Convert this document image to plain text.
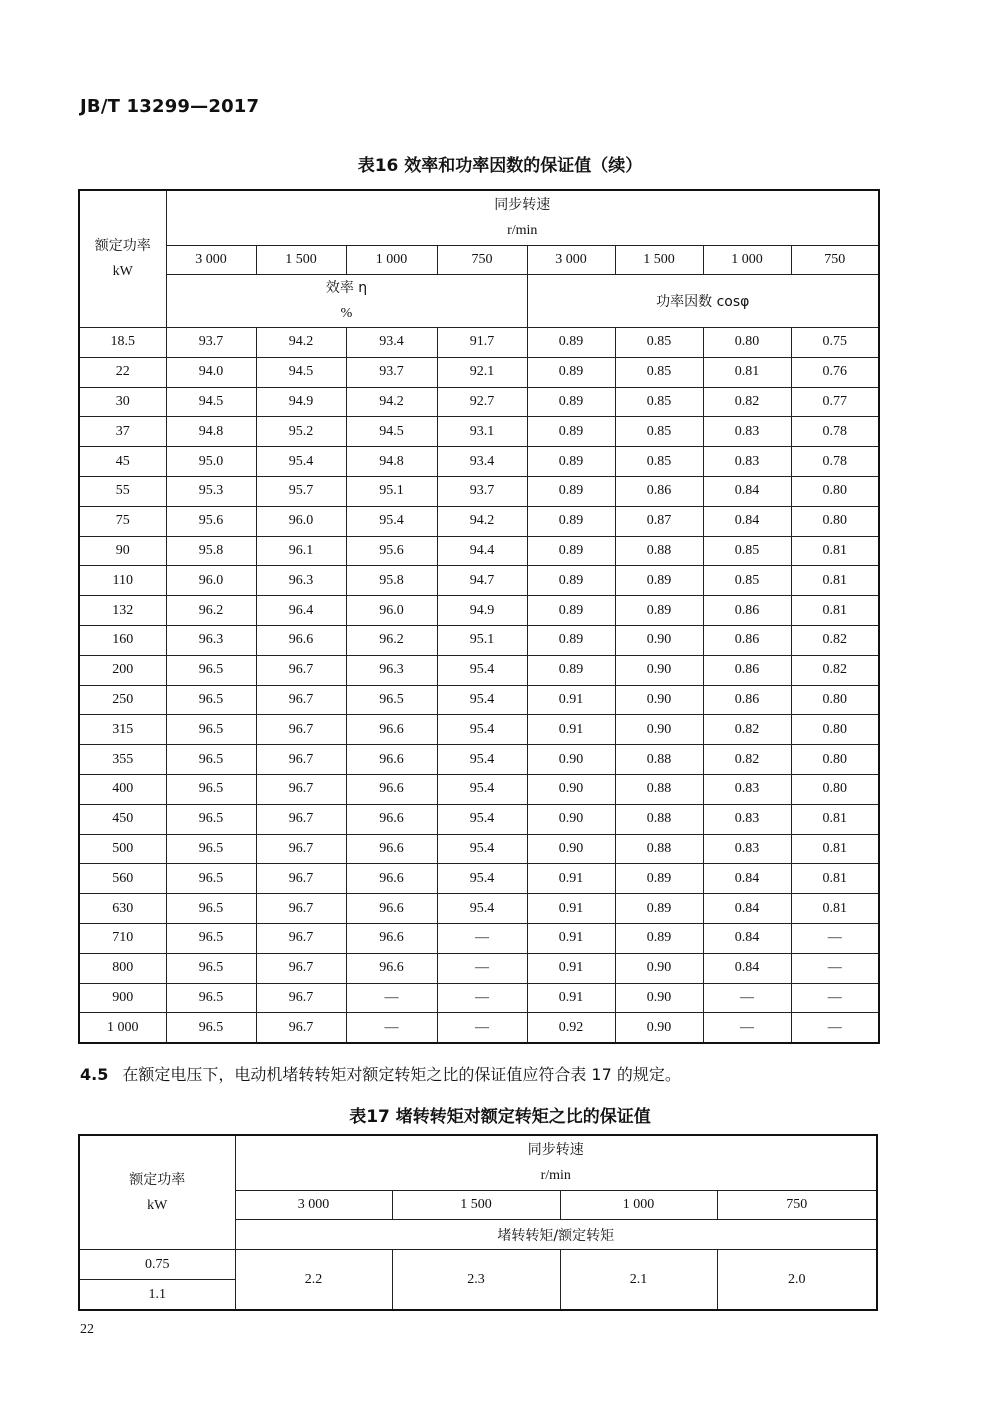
JB/T 13299—2017
表16 效率和功率因数的保证值（续）
额定功率
kW	同步转速
r/min							

	3 000	1 500	1 000	750	3 000	1 500	1 000	750

	效率 η
%				功率因数 cosφ			
18.5	93.7	94.2	93.4	91.7	0.89	0.85	0.80	0.75
22	94.0	94.5	93.7	92.1	0.89	0.85	0.81	0.76
30	94.5	94.9	94.2	92.7	0.89	0.85	0.82	0.77
37	94.8	95.2	94.5	93.1	0.89	0.85	0.83	0.78
45	95.0	95.4	94.8	93.4	0.89	0.85	0.83	0.78
55	95.3	95.7	95.1	93.7	0.89	0.86	0.84	0.80
75	95.6	96.0	95.4	94.2	0.89	0.87	0.84	0.80
90	95.8	96.1	95.6	94.4	0.89	0.88	0.85	0.81
110	96.0	96.3	95.8	94.7	0.89	0.89	0.85	0.81
132	96.2	96.4	96.0	94.9	0.89	0.89	0.86	0.81
160	96.3	96.6	96.2	95.1	0.89	0.90	0.86	0.82
200	96.5	96.7	96.3	95.4	0.89	0.90	0.86	0.82
250	96.5	96.7	96.5	95.4	0.91	0.90	0.86	0.80
315	96.5	96.7	96.6	95.4	0.91	0.90	0.82	0.80
355	96.5	96.7	96.6	95.4	0.90	0.88	0.82	0.80
400	96.5	96.7	96.6	95.4	0.90	0.88	0.83	0.80
450	96.5	96.7	96.6	95.4	0.90	0.88	0.83	0.81
500	96.5	96.7	96.6	95.4	0.90	0.88	0.83	0.81
560	96.5	96.7	96.6	95.4	0.91	0.89	0.84	0.81
630	96.5	96.7	96.6	95.4	0.91	0.89	0.84	0.81
710	96.5	96.7	96.6	—	0.91	0.89	0.84	—
800	96.5	96.7	96.6	—	0.91	0.90	0.84	—
900	96.5	96.7	—	—	0.91	0.90	—	—
1 000	96.5	96.7	—	—	0.92	0.90	—	—
4.5 在额定电压下，电动机堵转转矩对额定转矩之比的保证值应符合表 17 的规定。
表17 堵转转矩对额定转矩之比的保证值
额定功率
kW	同步转速
r/min			

	3 000	1 500	1 000	750
	堵转转矩/额定转矩			
0.75	2.2	2.3	2.1	2.0
1.1				
22
